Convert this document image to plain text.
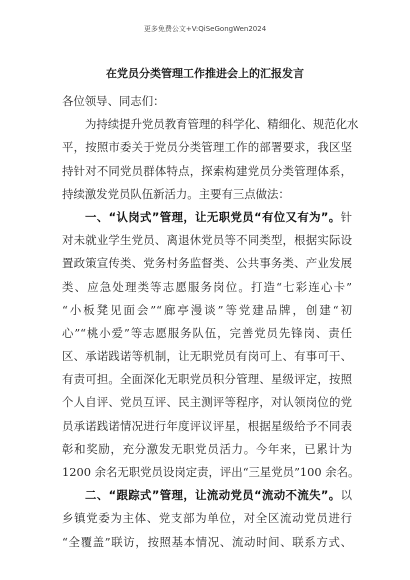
更多免费公文+V:QiSeGongWen2024
在党员分类管理工作推进会上的汇报发言
各位领导、同志们：
为持续提升党员教育管理的科学化、精细化、规范化水
平，按照市委关于党员分类管理工作的部署要求，我区坚
持针对不同党员群体特点，探索构建党员分类管理体系，
持续激发党员队伍新活力。主要有三点做法：
一、“认岗式”管理，让无职党员“有位又有为”。针
对未就业学生党员、离退休党员等不同类型，根据实际设
置政策宣传类、党务村务监督类、公共事务类、产业发展
类、应急处理类等志愿服务岗位。打造“七彩连心卡”
“小板凳见面会”“廊亭漫谈”等党建品牌，创建“初
心”“桃小爱”等志愿服务队伍，完善党员先锋岗、责任
区、承诺践诺等机制，让无职党员有岗可上、有事可干、
有责可担。全面深化无职党员积分管理、星级评定，按照
个人自评、党员互评、民主测评等程序，对认领岗位的党
员承诺践诺情况进行年度评议评星，根据星级给予不同表
彰和奖励，充分激发无职党员活力。今年来，已累计为
1200 余名无职党员设岗定责，评出“三星党员”100 余名。
二、“跟踪式”管理，让流动党员“流动不流失”。以
乡镇党委为主体、党支部为单位，对全区流动党员进行
“全覆盖”联访，按照基本情况、流动时间、联系方式、
